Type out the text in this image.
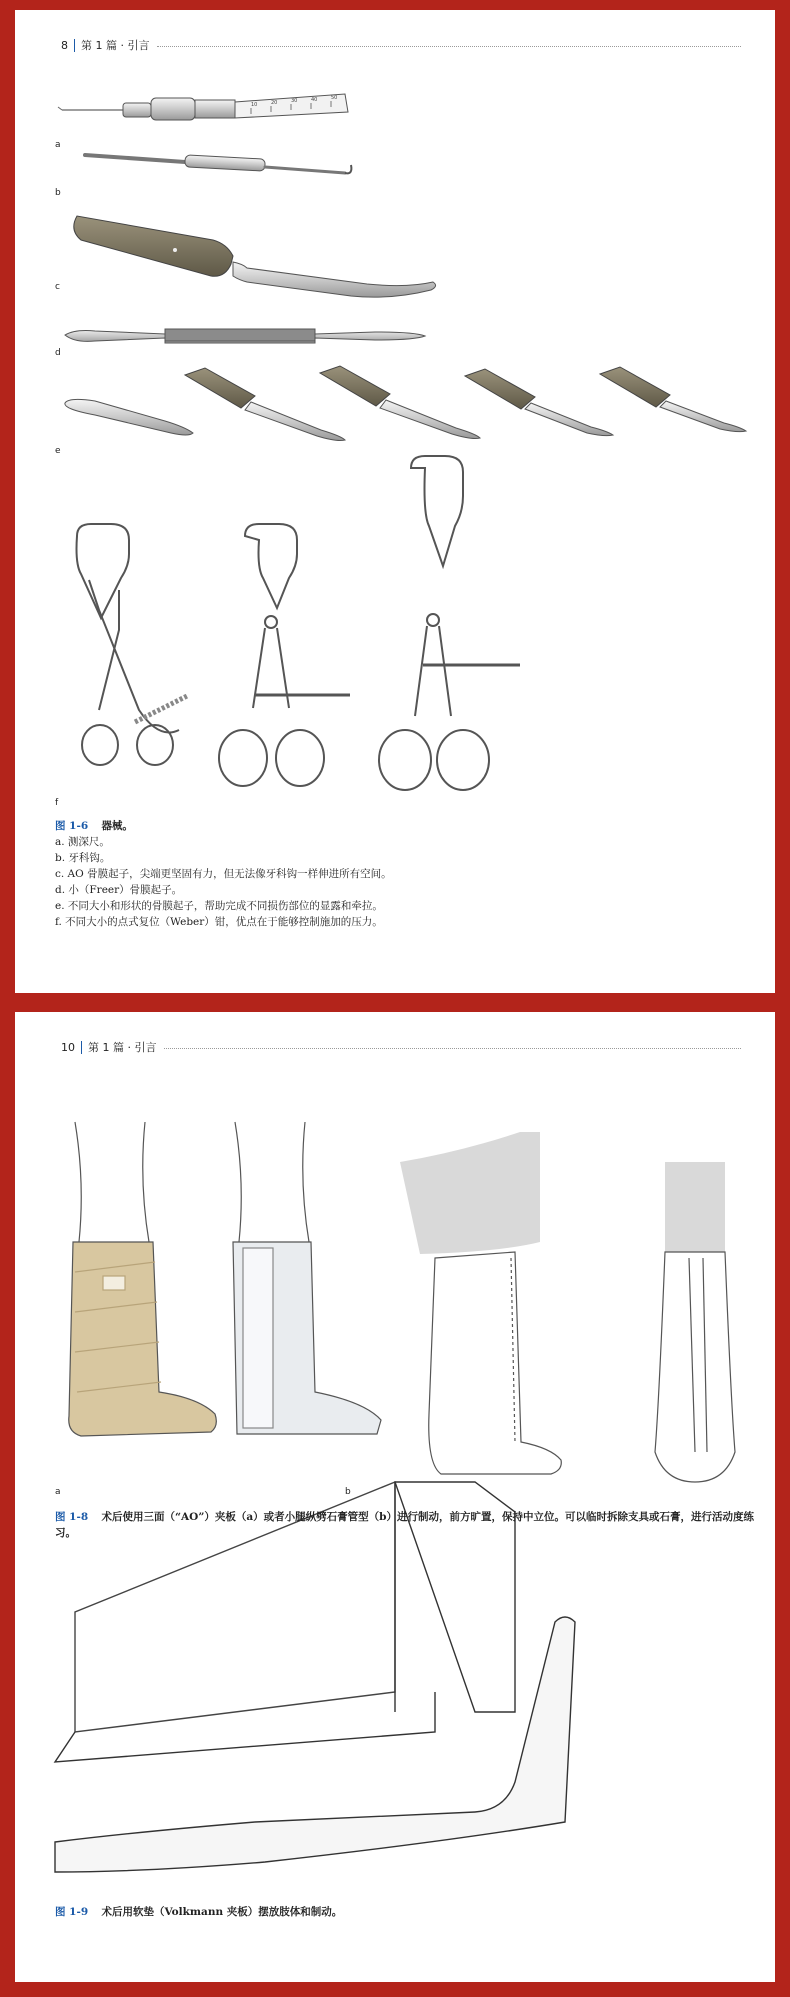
8 第 1 篇 · 引言
10	20	30	40	50
a
b
c
d
e
f
图 1-6 器械。
a. 测深尺。
b. 牙科钩。
c. AO 骨膜起子，尖端更坚固有力，但无法像牙科钩一样伸进所有空间。
d. 小（Freer）骨膜起子。
e. 不同大小和形状的骨膜起子，帮助完成不同损伤部位的显露和牵拉。
f. 不同大小的点式复位（Weber）钳，优点在于能够控制施加的压力。
10 第 1 篇 · 引言
a	b
图 1-8 术后使用三面（“AO”）夹板（a）或者小腿纵劈石膏管型（b）进行制动，前方旷置，保持中立位。可以临时拆除支具或石膏，进行活动度练习。
图 1-9 术后用软垫（Volkmann 夹板）摆放肢体和制动。
